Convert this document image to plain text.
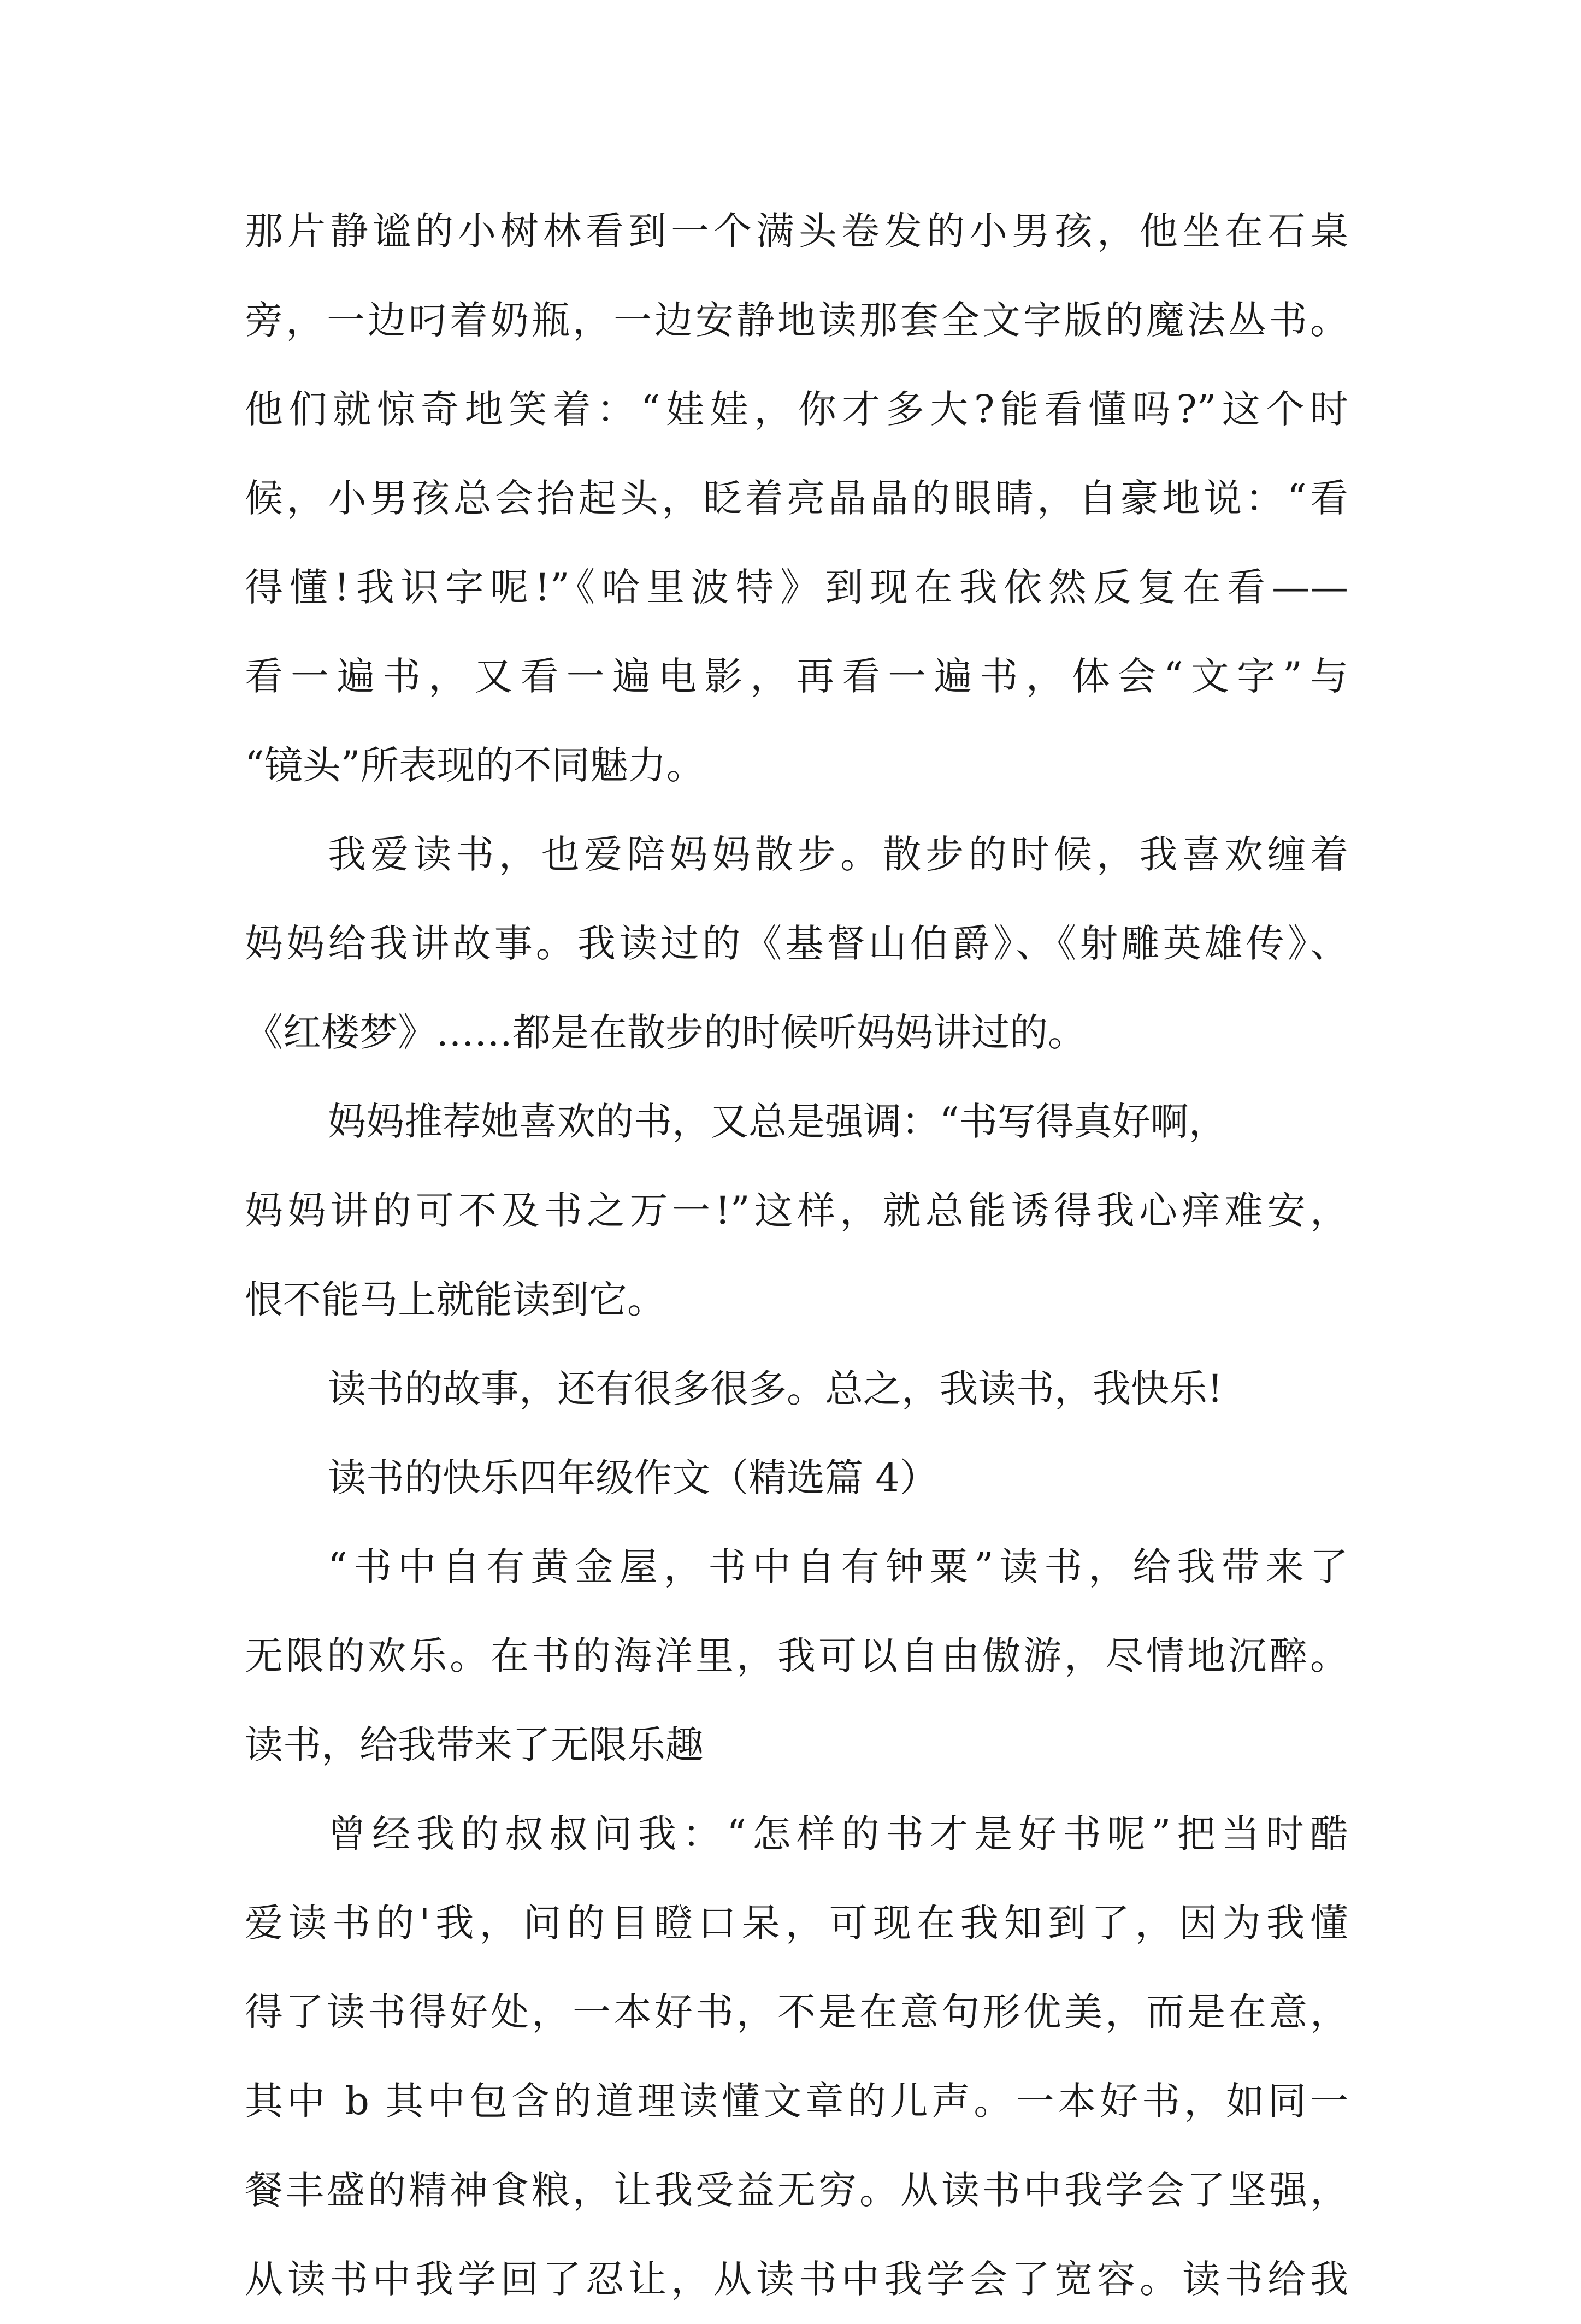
那片静谧的小树林看到一个满头卷发的小男孩，他坐在石桌
旁，一边叼着奶瓶，一边安静地读那套全文字版的魔法丛书。
他们就惊奇地笑着：“娃娃，你才多大?能看懂吗?”这个时
候，小男孩总会抬起头，眨着亮晶晶的眼睛，自豪地说：“看
得懂!我识字呢!”《哈里波特》到现在我依然反复在看——
看一遍书，又看一遍电影，再看一遍书，体会“文字”与
“镜头”所表现的不同魅力。
我爱读书，也爱陪妈妈散步。散步的时候，我喜欢缠着
妈妈给我讲故事。我读过的《基督山伯爵》、《射雕英雄传》、
《红楼梦》……都是在散步的时候听妈妈讲过的。
妈妈推荐她喜欢的书，又总是强调：“书写得真好啊，
妈妈讲的可不及书之万一!”这样，就总能诱得我心痒难安，
恨不能马上就能读到它。
读书的故事，还有很多很多。总之，我读书，我快乐!
读书的快乐四年级作文（精选篇 4）
“书中自有黄金屋，书中自有钟粟”读书，给我带来了
无限的欢乐。在书的海洋里，我可以自由傲游，尽情地沉醉。
读书，给我带来了无限乐趣
曾经我的叔叔问我：“怎样的书才是好书呢”把当时酷
爱读书的'我，问的目瞪口呆，可现在我知到了，因为我懂
得了读书得好处，一本好书，不是在意句形优美，而是在意，
其中 b 其中包含的道理读懂文章的儿声。一本好书，如同一
餐丰盛的精神食粮，让我受益无穷。从读书中我学会了坚强，
从读书中我学回了忍让，从读书中我学会了宽容。读书给我
